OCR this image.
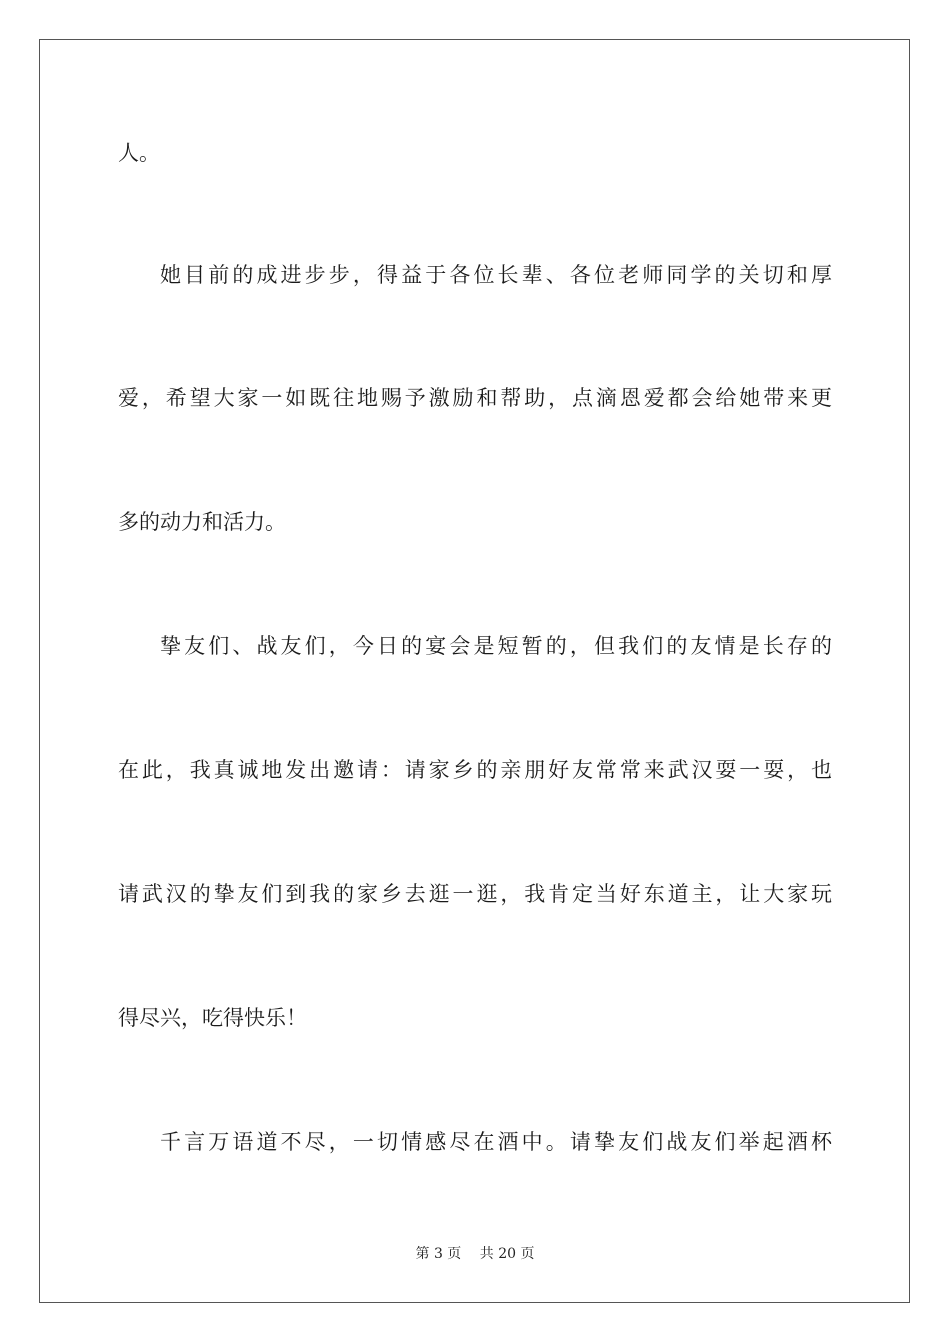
人。
她目前的成进步步，得益于各位长辈、各位老师同学的关切和厚
爱，希望大家一如既往地赐予激励和帮助，点滴恩爱都会给她带来更
多的动力和活力。
挚友们、战友们，今日的宴会是短暂的，但我们的友情是长存的
在此，我真诚地发出邀请：请家乡的亲朋好友常常来武汉耍一耍，也
请武汉的挚友们到我的家乡去逛一逛，我肯定当好东道主，让大家玩
得尽兴，吃得快乐！
千言万语道不尽，一切情感尽在酒中。请挚友们战友们举起酒杯
第 3 页 共 20 页
